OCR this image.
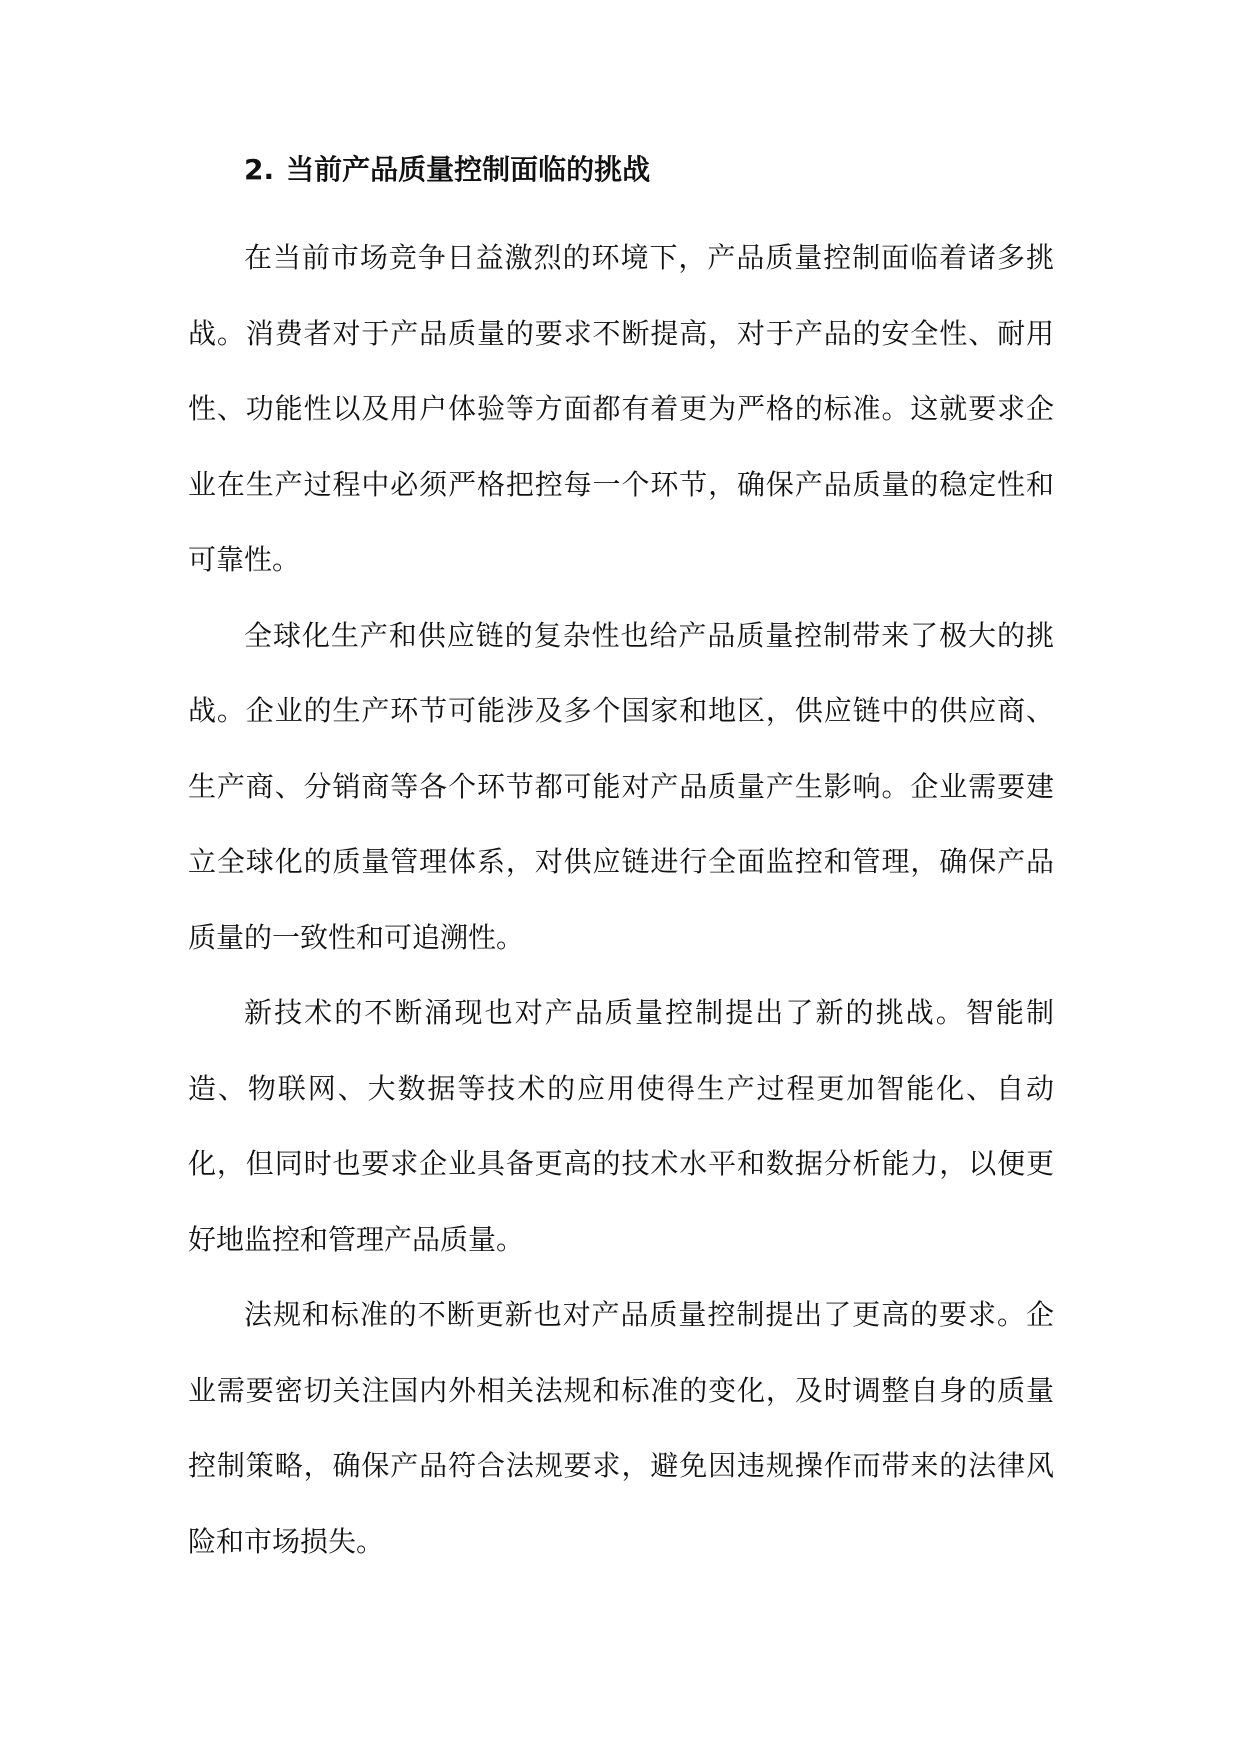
2. 当前产品质量控制面临的挑战

在当前市场竞争日益激烈的环境下，产品质量控制面临着诸多挑战。消费者对于产品质量的要求不断提高，对于产品的安全性、耐用性、功能性以及用户体验等方面都有着更为严格的标准。这就要求企业在生产过程中必须严格把控每一个环节，确保产品质量的稳定性和可靠性。

全球化生产和供应链的复杂性也给产品质量控制带来了极大的挑战。企业的生产环节可能涉及多个国家和地区，供应链中的供应商、生产商、分销商等各个环节都可能对产品质量产生影响。企业需要建立全球化的质量管理体系，对供应链进行全面监控和管理，确保产品质量的一致性和可追溯性。

新技术的不断涌现也对产品质量控制提出了新的挑战。智能制造、物联网、大数据等技术的应用使得生产过程更加智能化、自动化，但同时也要求企业具备更高的技术水平和数据分析能力，以便更好地监控和管理产品质量。

法规和标准的不断更新也对产品质量控制提出了更高的要求。企业需要密切关注国内外相关法规和标准的变化，及时调整自身的质量控制策略，确保产品符合法规要求，避免因违规操作而带来的法律风险和市场损失。
